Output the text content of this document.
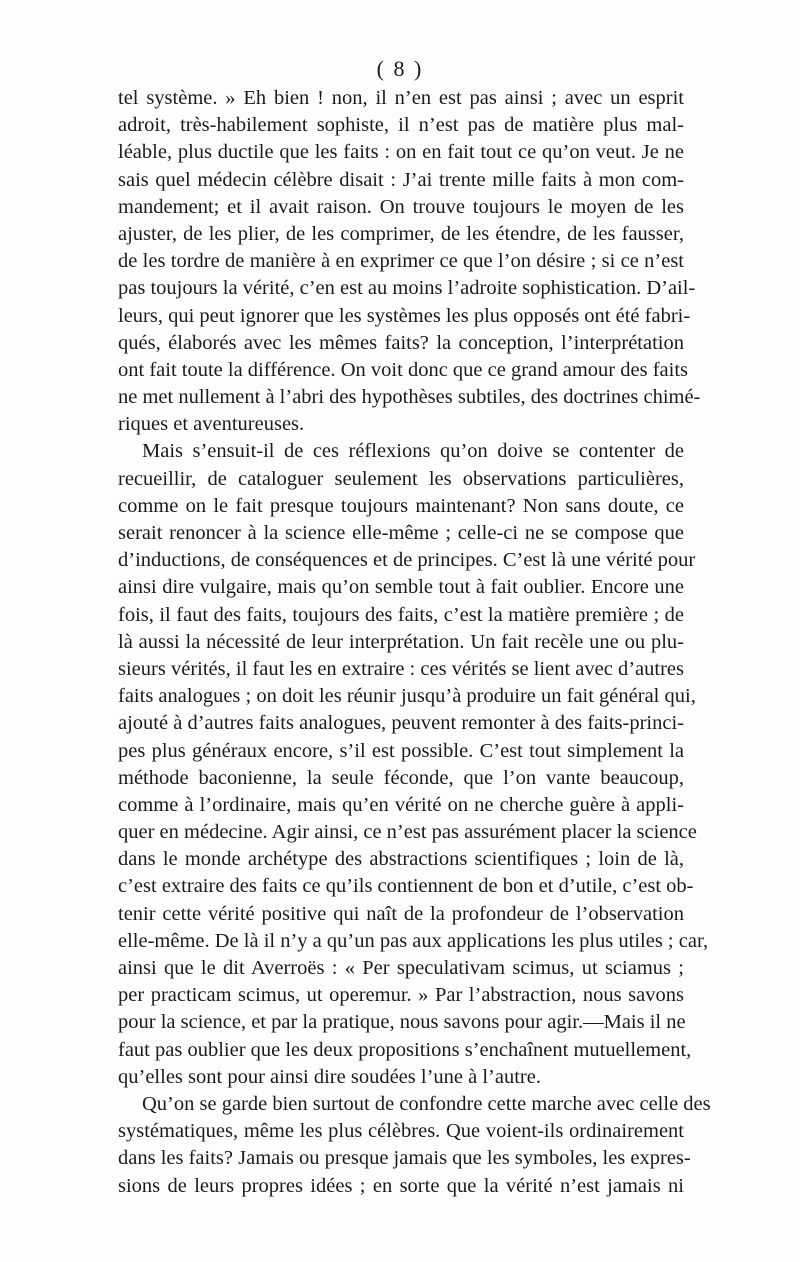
( 8 )
tel système. » Eh bien ! non, il n’en est pas ainsi ; avec un esprit
adroit, très-habilement sophiste, il n’est pas de matière plus mal-
léable, plus ductile que les faits : on en fait tout ce qu’on veut. Je ne
sais quel médecin célèbre disait : J’ai trente mille faits à mon com-
mandement; et il avait raison. On trouve toujours le moyen de les
ajuster, de les plier, de les comprimer, de les étendre, de les fausser,
de les tordre de manière à en exprimer ce que l’on désire ; si ce n’est
pas toujours la vérité, c’en est au moins l’adroite sophistication. D’ail-
leurs, qui peut ignorer que les systèmes les plus opposés ont été fabri-
qués, élaborés avec les mêmes faits? la conception, l’interprétation
ont fait toute la différence. On voit donc que ce grand amour des faits
ne met nullement à l’abri des hypothèses subtiles, des doctrines chimé-
riques et aventureuses.
Mais s’ensuit-il de ces réflexions qu’on doive se contenter de
recueillir, de cataloguer seulement les observations particulières,
comme on le fait presque toujours maintenant? Non sans doute, ce
serait renoncer à la science elle-même ; celle-ci ne se compose que
d’inductions, de conséquences et de principes. C’est là une vérité pour
ainsi dire vulgaire, mais qu’on semble tout à fait oublier. Encore une
fois, il faut des faits, toujours des faits, c’est la matière première ; de
là aussi la nécessité de leur interprétation. Un fait recèle une ou plu-
sieurs vérités, il faut les en extraire : ces vérités se lient avec d’autres
faits analogues ; on doit les réunir jusqu’à produire un fait général qui,
ajouté à d’autres faits analogues, peuvent remonter à des faits-princi-
pes plus généraux encore, s’il est possible. C’est tout simplement la
méthode baconienne, la seule féconde, que l’on vante beaucoup,
comme à l’ordinaire, mais qu’en vérité on ne cherche guère à appli-
quer en médecine. Agir ainsi, ce n’est pas assurément placer la science
dans le monde archétype des abstractions scientifiques ; loin de là,
c’est extraire des faits ce qu’ils contiennent de bon et d’utile, c’est ob-
tenir cette vérité positive qui naît de la profondeur de l’observation
elle-même. De là il n’y a qu’un pas aux applications les plus utiles ; car,
ainsi que le dit Averroës : « Per speculativam scimus, ut sciamus ;
per practicam scimus, ut operemur. » Par l’abstraction, nous savons
pour la science, et par la pratique, nous savons pour agir.—Mais il ne
faut pas oublier que les deux propositions s’enchaînent mutuellement,
qu’elles sont pour ainsi dire soudées l’une à l’autre.
Qu’on se garde bien surtout de confondre cette marche avec celle des
systématiques, même les plus célèbres. Que voient-ils ordinairement
dans les faits? Jamais ou presque jamais que les symboles, les expres-
sions de leurs propres idées ; en sorte que la vérité n’est jamais ni
